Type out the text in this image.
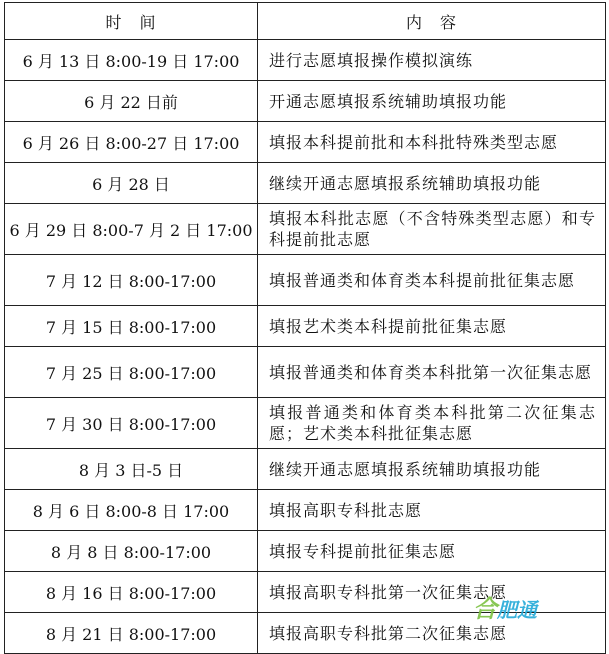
时　间	内　容
6 月 13 日 8:00-19 日 17:00	进行志愿填报操作模拟演练
6 月 22 日前	开通志愿填报系统辅助填报功能
6 月 26 日 8:00-27 日 17:00	填报本科提前批和本科批特殊类型志愿
6 月 28 日	继续开通志愿填报系统辅助填报功能
6 月 29 日 8:00-7 月 2 日 17:00	填报本科批志愿（不含特殊类型志愿）和专科提前批志愿
7 月 12 日 8:00-17:00	填报普通类和体育类本科提前批征集志愿
7 月 15 日 8:00-17:00	填报艺术类本科提前批征集志愿
7 月 25 日 8:00-17:00	填报普通类和体育类本科批第一次征集志愿
7 月 30 日 8:00-17:00	填报普通类和体育类本科批第二次征集志愿；艺术类本科批征集志愿
8 月 3 日-5 日	继续开通志愿填报系统辅助填报功能
8 月 6 日 8:00-8 日 17:00	填报高职专科批志愿
8 月 8 日 8:00-17:00	填报专科提前批征集志愿
8 月 16 日 8:00-17:00	填报高职专科批第一次征集志愿
8 月 21 日 8:00-17:00	填报高职专科批第二次征集志愿
合肥通
